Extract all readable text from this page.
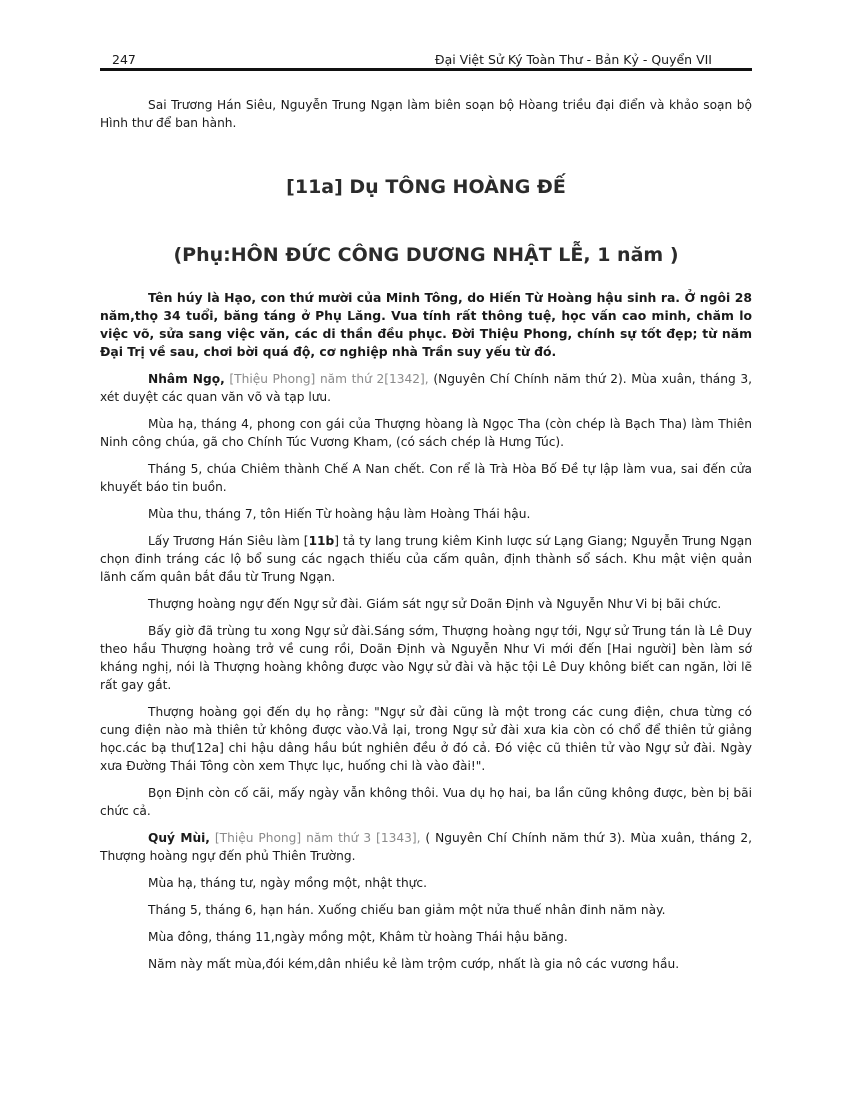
247	Đại Việt Sử Ký Toàn Thư - Bản Kỷ - Quyển VII

Sai Trương Hán Siêu, Nguyễn Trung Ngạn làm biên soạn bộ Hòang triều đại điển và khảo soạn bộ Hình thư để ban hành.

[11a] Dụ TÔNG HOÀNG ĐẾ
(Phụ:HÔN ĐỨC CÔNG DƯƠNG NHẬT LỄ, 1 năm )

Tên húy là Hạo, con thứ mười của Minh Tông, do Hiến Từ Hoàng hậu sinh ra. Ở ngôi 28 năm,thọ 34 tuổi, băng táng ở Phụ Lăng. Vua tính rất thông tuệ, học vấn cao minh, chăm lo việc võ, sửa sang việc văn, các di thần đều phục. Đời Thiệu Phong, chính sự tốt đẹp; từ năm Đại Trị về sau, chơi bời quá độ, cơ nghiệp nhà Trần suy yếu từ đó.

Nhâm Ngọ, [Thiệu Phong] năm thứ 2[1342], (Nguyên Chí Chính năm thứ 2). Mùa xuân, tháng 3, xét duyệt các quan văn võ và tạp lưu.

Mùa hạ, tháng 4, phong con gái của Thượng hòang là Ngọc Tha (còn chép là Bạch Tha) làm Thiên Ninh công chúa, gã cho Chính Túc Vương Kham, (có sách chép là Hưng Túc).

Tháng 5, chúa Chiêm thành Chế A Nan chết. Con rể là Trà Hòa Bố Đề tự lập làm vua, sai đến cửa khuyết báo tin buồn.

Mùa thu, tháng 7, tôn Hiến Từ hoàng hậu làm Hoàng Thái hậu.

Lấy Trương Hán Siêu làm [11b] tả ty lang trung kiêm Kinh lược sứ Lạng Giang; Nguyễn Trung Ngạn chọn đinh tráng các lộ bổ sung các ngạch thiếu của cấm quân, định thành sổ sách. Khu mật viện quản lãnh cấm quân bắt đầu từ Trung Ngạn.

Thượng hoàng ngự đến Ngự sử đài. Giám sát ngự sử Doãn Định và Nguyễn Như Vi bị bãi chức.

Bấy giờ đã trùng tu xong Ngự sử đài.Sáng sớm, Thượng hoàng ngự tới, Ngự sử Trung tán là Lê Duy theo hầu Thượng hoàng trở về cung rồi, Doãn Định và Nguyễn Như Vi mới đến [Hai người] bèn làm sớ kháng nghị, nói là Thượng hoàng không được vào Ngự sử đài và hặc tội Lê Duy không biết can ngăn, lời lẽ rất gay gắt.

Thượng hoàng gọi đến dụ họ rằng: "Ngự sử đài cũng là một trong các cung điện, chưa từng có cung điện nào mà thiên tử không được vào.Vả lại, trong Ngự sử đài xưa kia còn có chổ để thiên tử giảng học.các bạ thư[12a] chi hậu dâng hầu bút nghiên đều ở đó cả. Đó việc cũ thiên tử vào Ngự sử đài. Ngày xưa Đường Thái Tông còn xem Thực lục, huống chi là vào đài!".

Bọn Định còn cố cãi, mấy ngày vẫn không thôi. Vua dụ họ hai, ba lần cũng không được, bèn bị bãi chức cả.

Quý Mùi, [Thiệu Phong] năm thứ 3 [1343], ( Nguyên Chí Chính năm thứ 3). Mùa xuân, tháng 2, Thượng hoàng ngự đến phủ Thiên Trường.

Mùa hạ, tháng tư, ngày mồng một, nhật thực.

Tháng 5, tháng 6, hạn hán. Xuống chiếu ban giảm một nửa thuế nhân đinh năm này.

Mùa đông, tháng 11,ngày mồng một, Khâm từ hoàng Thái hậu băng.

Năm này mất mùa,đói kém,dân nhiều kẻ làm trộm cướp, nhất là gia nô các vương hầu.
